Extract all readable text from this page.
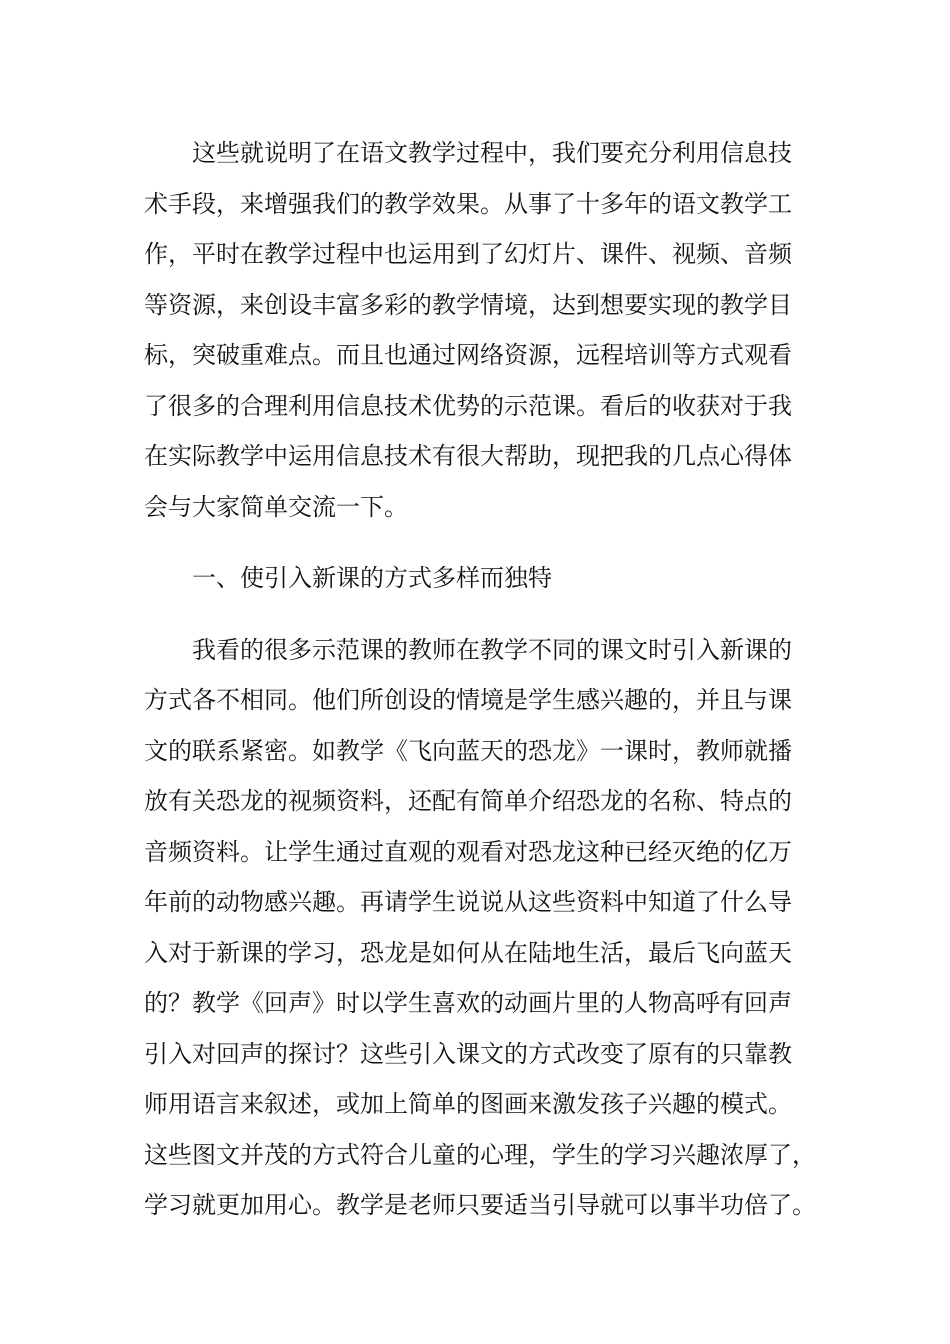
这些就说明了在语文教学过程中，我们要充分利用信息技
术手段，来增强我们的教学效果。从事了十多年的语文教学工
作，平时在教学过程中也运用到了幻灯片、课件、视频、音频
等资源，来创设丰富多彩的教学情境，达到想要实现的教学目
标，突破重难点。而且也通过网络资源，远程培训等方式观看
了很多的合理利用信息技术优势的示范课。看后的收获对于我
在实际教学中运用信息技术有很大帮助，现把我的几点心得体
会与大家简单交流一下。
一、使引入新课的方式多样而独特
我看的很多示范课的教师在教学不同的课文时引入新课的
方式各不相同。他们所创设的情境是学生感兴趣的，并且与课
文的联系紧密。如教学《飞向蓝天的恐龙》一课时，教师就播
放有关恐龙的视频资料，还配有简单介绍恐龙的名称、特点的
音频资料。让学生通过直观的观看对恐龙这种已经灭绝的亿万
年前的动物感兴趣。再请学生说说从这些资料中知道了什么导
入对于新课的学习，恐龙是如何从在陆地生活，最后飞向蓝天
的？教学《回声》时以学生喜欢的动画片里的人物高呼有回声
引入对回声的探讨？这些引入课文的方式改变了原有的只靠教
师用语言来叙述，或加上简单的图画来激发孩子兴趣的模式。
这些图文并茂的方式符合儿童的心理，学生的学习兴趣浓厚了，
学习就更加用心。教学是老师只要适当引导就可以事半功倍了。
